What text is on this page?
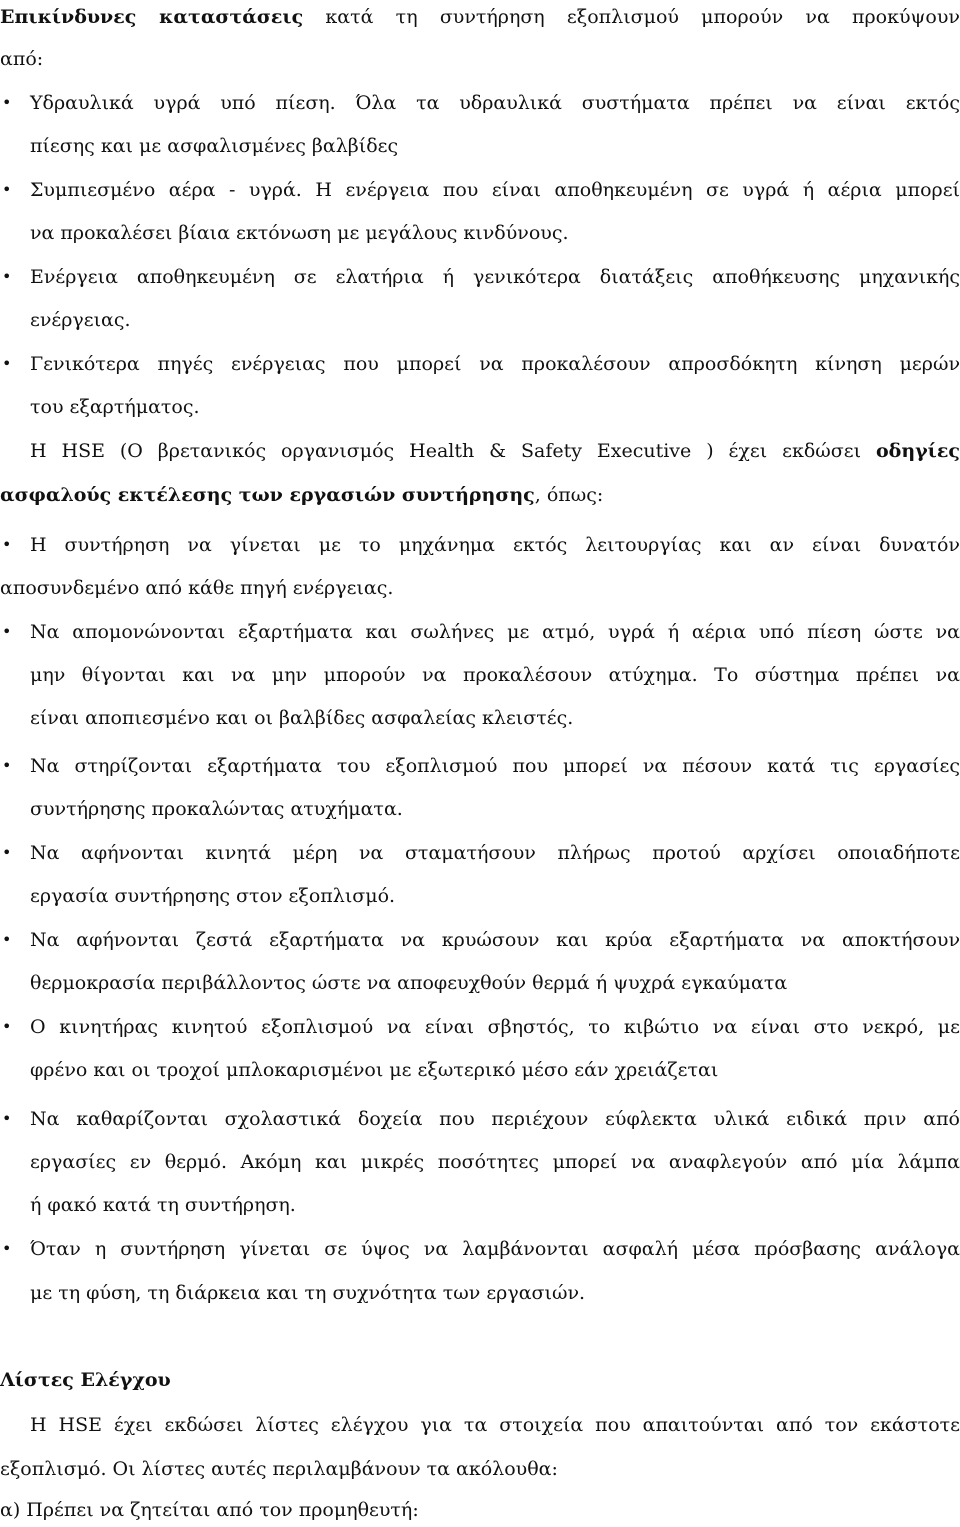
Επικίνδυνες καταστάσεις κατά τη συντήρηση εξοπλισμού μπορούν να προκύψουν
από:
• Υδραυλικά υγρά υπό πίεση. Όλα τα υδραυλικά συστήματα πρέπει να είναι εκτός
πίεσης και με ασφαλισμένες βαλβίδες
• Συμπιεσμένο αέρα - υγρά. Η ενέργεια που είναι αποθηκευμένη σε υγρά ή αέρια μπορεί
να προκαλέσει βίαια εκτόνωση με μεγάλους κινδύνους.
• Ενέργεια αποθηκευμένη σε ελατήρια ή γενικότερα διατάξεις αποθήκευσης μηχανικής
ενέργειας.
• Γενικότερα πηγές ενέργειας που μπορεί να προκαλέσουν απροσδόκητη κίνηση μερών
του εξαρτήματος.
Η HSE (Ο βρετανικός οργανισμός Health & Safety Executive ) έχει εκδώσει οδηγίες
ασφαλούς εκτέλεσης των εργασιών συντήρησης, όπως:
• Η συντήρηση να γίνεται με το μηχάνημα εκτός λειτουργίας και αν είναι δυνατόν
αποσυνδεμένο από κάθε πηγή ενέργειας.
• Να απομονώνονται εξαρτήματα και σωλήνες με ατμό, υγρά ή αέρια υπό πίεση ώστε να
μην θίγονται και να μην μπορούν να προκαλέσουν ατύχημα. Το σύστημα πρέπει να
είναι αποπιεσμένο και οι βαλβίδες ασφαλείας κλειστές.
• Να στηρίζονται εξαρτήματα του εξοπλισμού που μπορεί να πέσουν κατά τις εργασίες
συντήρησης προκαλώντας ατυχήματα.
• Να αφήνονται κινητά μέρη να σταματήσουν πλήρως προτού αρχίσει οποιαδήποτε
εργασία συντήρησης στον εξοπλισμό.
• Να αφήνονται ζεστά εξαρτήματα να κρυώσουν και κρύα εξαρτήματα να αποκτήσουν
θερμοκρασία περιβάλλοντος ώστε να αποφευχθούν θερμά ή ψυχρά εγκαύματα
• Ο κινητήρας κινητού εξοπλισμού να είναι σβηστός, το κιβώτιο να είναι στο νεκρό, με
φρένο και οι τροχοί μπλοκαρισμένοι με εξωτερικό μέσο εάν χρειάζεται
• Να καθαρίζονται σχολαστικά δοχεία που περιέχουν εύφλεκτα υλικά ειδικά πριν από
εργασίες εν θερμό. Ακόμη και μικρές ποσότητες μπορεί να αναφλεγούν από μία λάμπα
ή φακό κατά τη συντήρηση.
• Όταν η συντήρηση γίνεται σε ύψος να λαμβάνονται ασφαλή μέσα πρόσβασης ανάλογα
με τη φύση, τη διάρκεια και τη συχνότητα των εργασιών.
Λίστες Ελέγχου
Η HSE έχει εκδώσει λίστες ελέγχου για τα στοιχεία που απαιτούνται από τον εκάστοτε
εξοπλισμό. Οι λίστες αυτές περιλαμβάνουν τα ακόλουθα:
α) Πρέπει να ζητείται από τον προμηθευτή:
